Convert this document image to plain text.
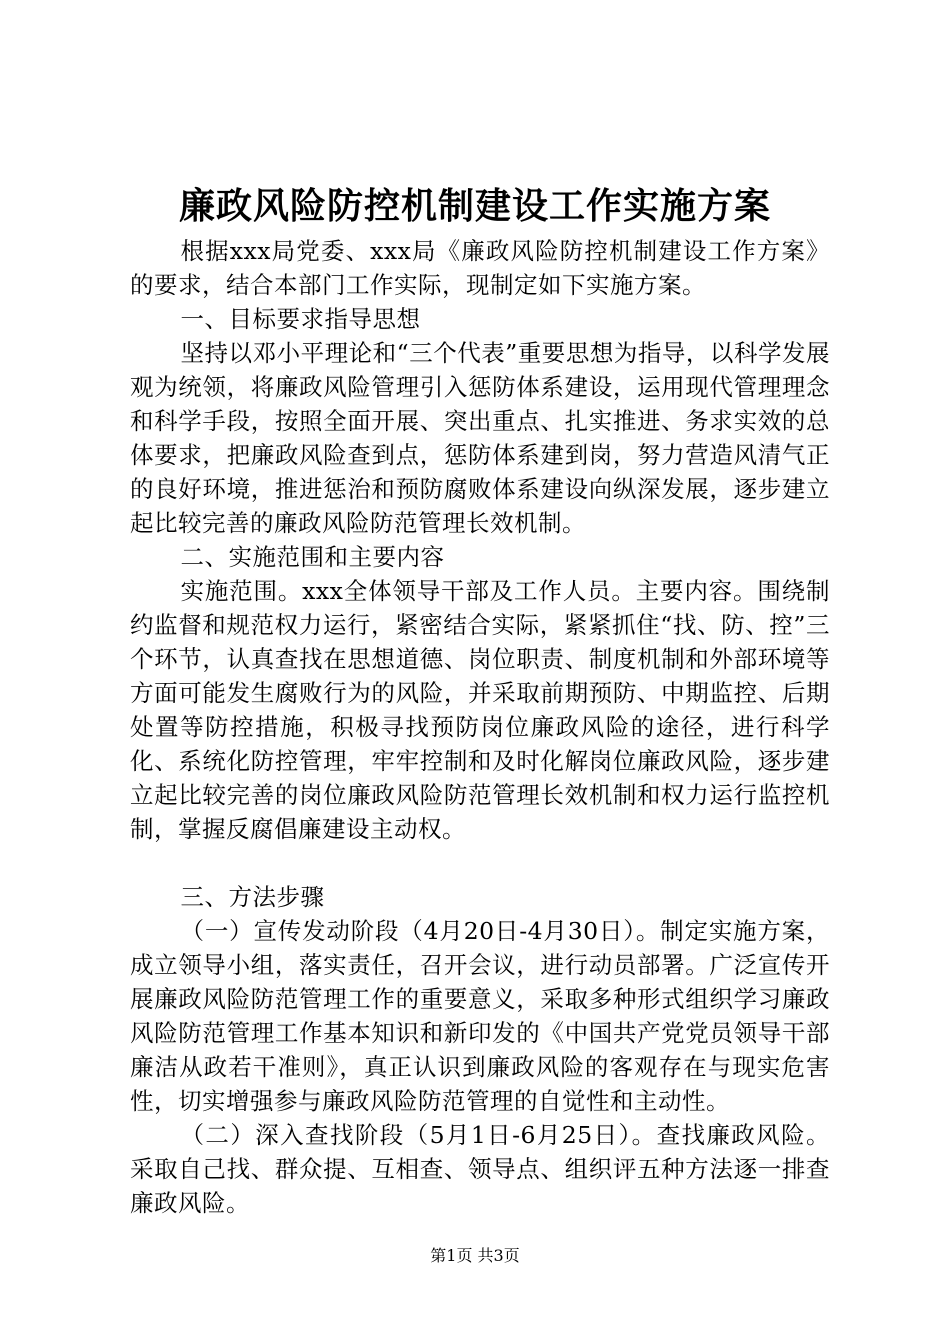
廉政风险防控机制建设工作实施方案

根据xxx局党委、xxx局《廉政风险防控机制建设工作方案》的要求，结合本部门工作实际，现制定如下实施方案。

一、目标要求指导思想

坚持以邓小平理论和“三个代表”重要思想为指导，以科学发展观为统领，将廉政风险管理引入惩防体系建设，运用现代管理理念和科学手段，按照全面开展、突出重点、扎实推进、务求实效的总体要求，把廉政风险查到点，惩防体系建到岗，努力营造风清气正的良好环境，推进惩治和预防腐败体系建设向纵深发展，逐步建立起比较完善的廉政风险防范管理长效机制。

二、实施范围和主要内容

实施范围。xxx全体领导干部及工作人员。主要内容。围绕制约监督和规范权力运行，紧密结合实际，紧紧抓住“找、防、控”三个环节，认真查找在思想道德、岗位职责、制度机制和外部环境等方面可能发生腐败行为的风险，并采取前期预防、中期监控、后期处置等防控措施，积极寻找预防岗位廉政风险的途径，进行科学化、系统化防控管理，牢牢控制和及时化解岗位廉政风险，逐步建立起比较完善的岗位廉政风险防范管理长效机制和权力运行监控机制，掌握反腐倡廉建设主动权。

三、方法步骤

（一）宣传发动阶段（4月20日-4月30日）。制定实施方案，成立领导小组，落实责任，召开会议，进行动员部署。广泛宣传开展廉政风险防范管理工作的重要意义，采取多种形式组织学习廉政风险防范管理工作基本知识和新印发的《中国共产党党员领导干部廉洁从政若干准则》，真正认识到廉政风险的客观存在与现实危害性，切实增强参与廉政风险防范管理的自觉性和主动性。

（二）深入查找阶段（5月1日-6月25日）。查找廉政风险。采取自己找、群众提、互相查、领导点、组织评五种方法逐一排查廉政风险。

第1页 共3页
